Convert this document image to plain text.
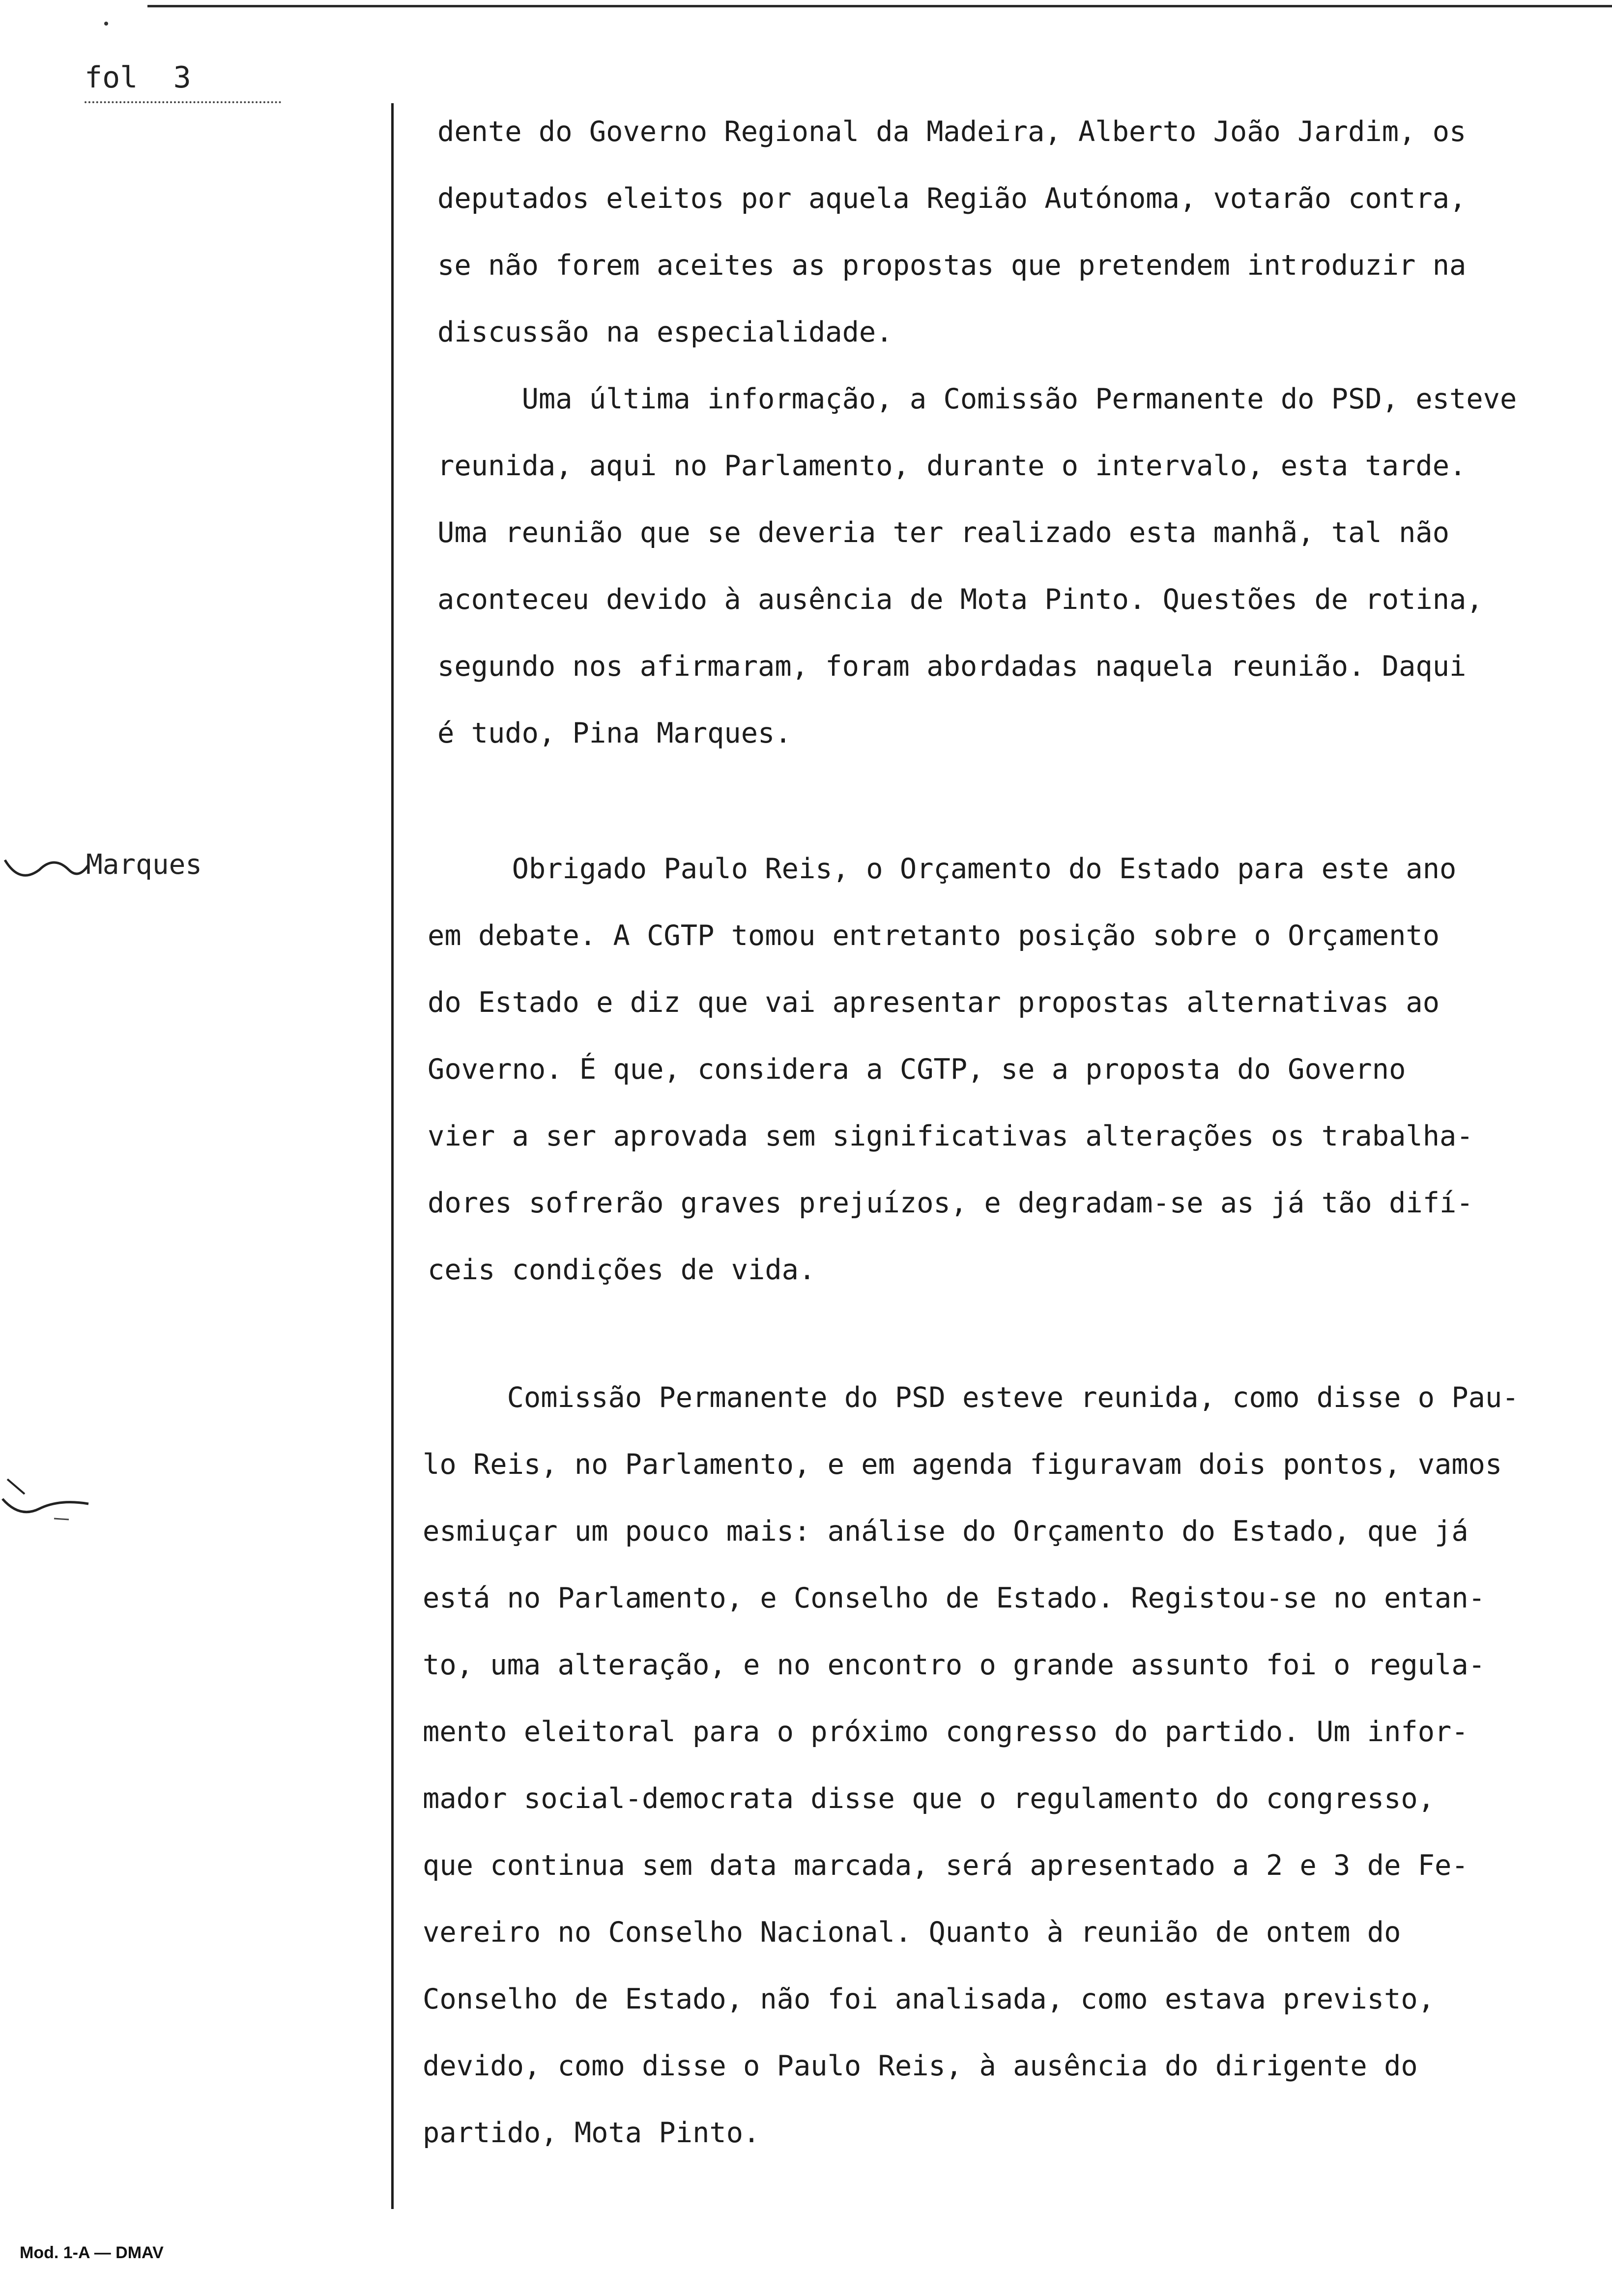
fol  3
Marques
dente do Governo Regional da Madeira, Alberto João Jardim, os
deputados eleitos por aquela Região Autónoma, votarão contra,
se não forem aceites as propostas que pretendem introduzir na
discussão na especialidade.
Uma última informação, a Comissão Permanente do PSD, esteve
reunida, aqui no Parlamento, durante o intervalo, esta tarde.
Uma reunião que se deveria ter realizado esta manhã, tal não
aconteceu devido à ausência de Mota Pinto. Questões de rotina,
segundo nos afirmaram, foram abordadas naquela reunião. Daqui
é tudo, Pina Marques.
Obrigado Paulo Reis, o Orçamento do Estado para este ano
em debate. A CGTP tomou entretanto posição sobre o Orçamento
do Estado e diz que vai apresentar propostas alternativas ao
Governo. É que, considera a CGTP, se a proposta do Governo
vier a ser aprovada sem significativas alterações os trabalha-
dores sofrerão graves prejuízos, e degradam-se as já tão difí-
ceis condições de vida.
Comissão Permanente do PSD esteve reunida, como disse o Pau-
lo Reis, no Parlamento, e em agenda figuravam dois pontos, vamos
esmiuçar um pouco mais: análise do Orçamento do Estado, que já
está no Parlamento, e Conselho de Estado. Registou-se no entan-
to, uma alteração, e no encontro o grande assunto foi o regula-
mento eleitoral para o próximo congresso do partido. Um infor-
mador social-democrata disse que o regulamento do congresso,
que continua sem data marcada, será apresentado a 2 e 3 de Fe-
vereiro no Conselho Nacional. Quanto à reunião de ontem do
Conselho de Estado, não foi analisada, como estava previsto,
devido, como disse o Paulo Reis, à ausência do dirigente do
partido, Mota Pinto.
Mod. 1-A — DMAV
